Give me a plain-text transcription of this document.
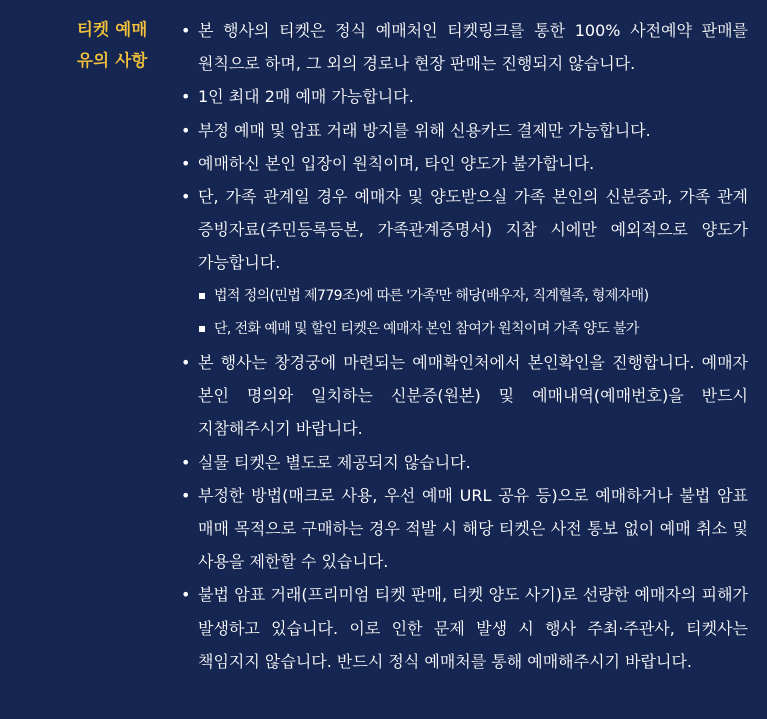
티켓 예매
유의 사항
• 본 행사의 티켓은 정식 예매처인 티켓링크를 통한 100% 사전예약 판매를 원칙으로 하며, 그 외의 경로나 현장 판매는 진행되지 않습니다.
• 1인 최대 2매 예매 가능합니다.
• 부정 예매 및 암표 거래 방지를 위해 신용카드 결제만 가능합니다.
• 예매하신 본인 입장이 원칙이며, 타인 양도가 불가합니다.
• 단, 가족 관계일 경우 예매자 및 양도받으실 가족 본인의 신분증과, 가족 관계 증빙자료(주민등록등본, 가족관계증명서) 지참 시에만 예외적으로 양도가 가능합니다.
법적 정의(민법 제779조)에 따른 '가족'만 해당(배우자, 직계혈족, 형제자매)
단, 전화 예매 및 할인 티켓은 예매자 본인 참여가 원칙이며 가족 양도 불가
• 본 행사는 창경궁에 마련되는 예매확인처에서 본인확인을 진행합니다. 예매자 본인 명의와 일치하는 신분증(원본) 및 예매내역(예매번호)을 반드시 지참해주시기 바랍니다.
• 실물 티켓은 별도로 제공되지 않습니다.
• 부정한 방법(매크로 사용, 우선 예매 URL 공유 등)으로 예매하거나 불법 암표 매매 목적으로 구매하는 경우 적발 시 해당 티켓은 사전 통보 없이 예매 취소 및 사용을 제한할 수 있습니다.
• 불법 암표 거래(프리미엄 티켓 판매, 티켓 양도 사기)로 선량한 예매자의 피해가 발생하고 있습니다. 이로 인한 문제 발생 시 행사 주최·주관사, 티켓사는 책임지지 않습니다. 반드시 정식 예매처를 통해 예매해주시기 바랍니다.
